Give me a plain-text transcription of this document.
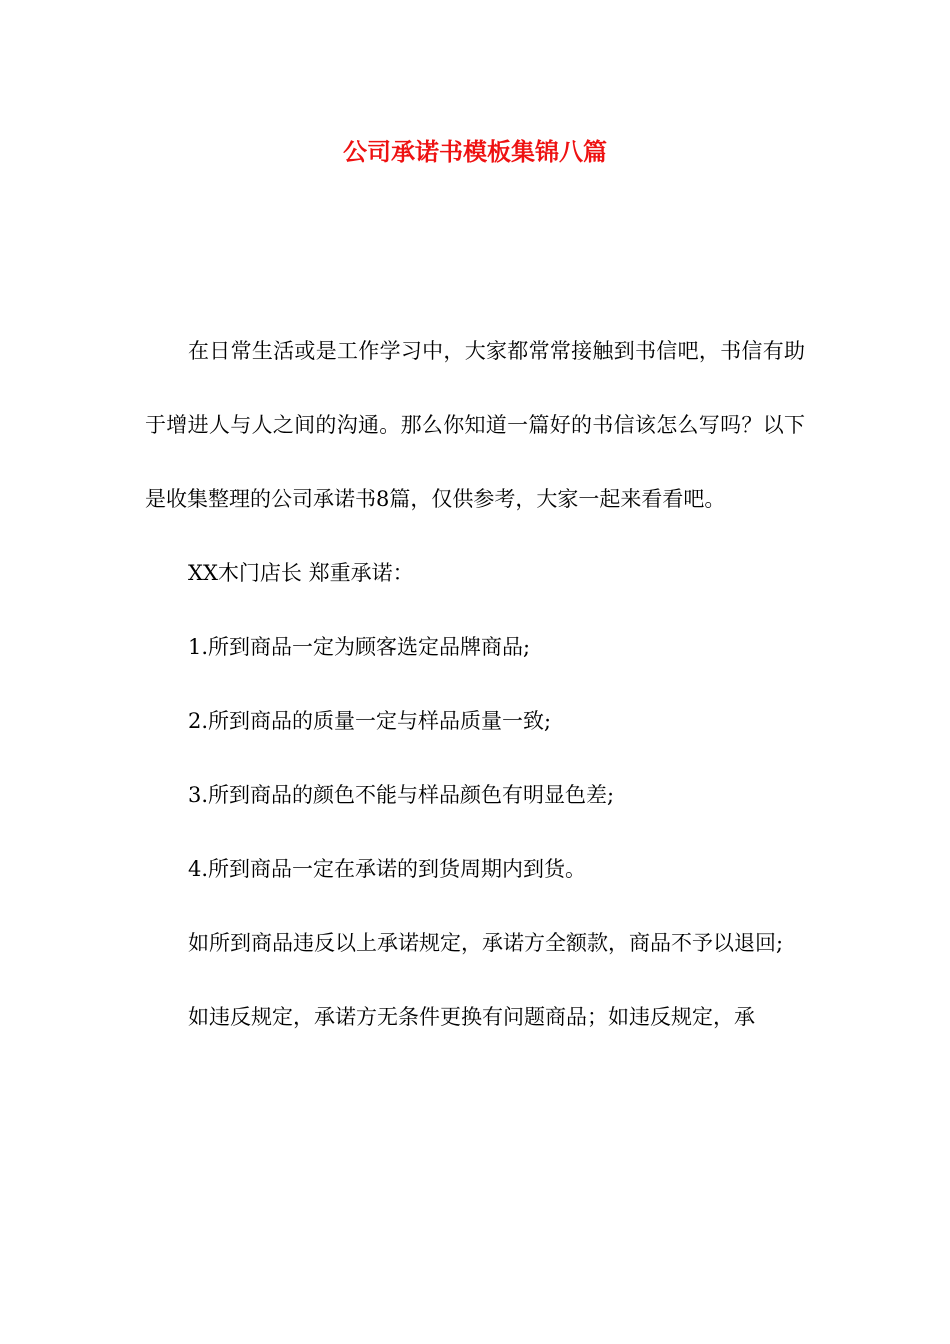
公司承诺书模板集锦八篇

在日常生活或是工作学习中，大家都常常接触到书信吧，书信有助于增进人与人之间的沟通。那么你知道一篇好的书信该怎么写吗？以下是收集整理的公司承诺书8篇，仅供参考，大家一起来看看吧。

XX木门店长 郑重承诺：

1.所到商品一定为顾客选定品牌商品;

2.所到商品的质量一定与样品质量一致;

3.所到商品的颜色不能与样品颜色有明显色差;

4.所到商品一定在承诺的到货周期内到货。

如所到商品违反以上承诺规定，承诺方全额款，商品不予以退回;

如违反规定，承诺方无条件更换有问题商品；如违反规定，承
